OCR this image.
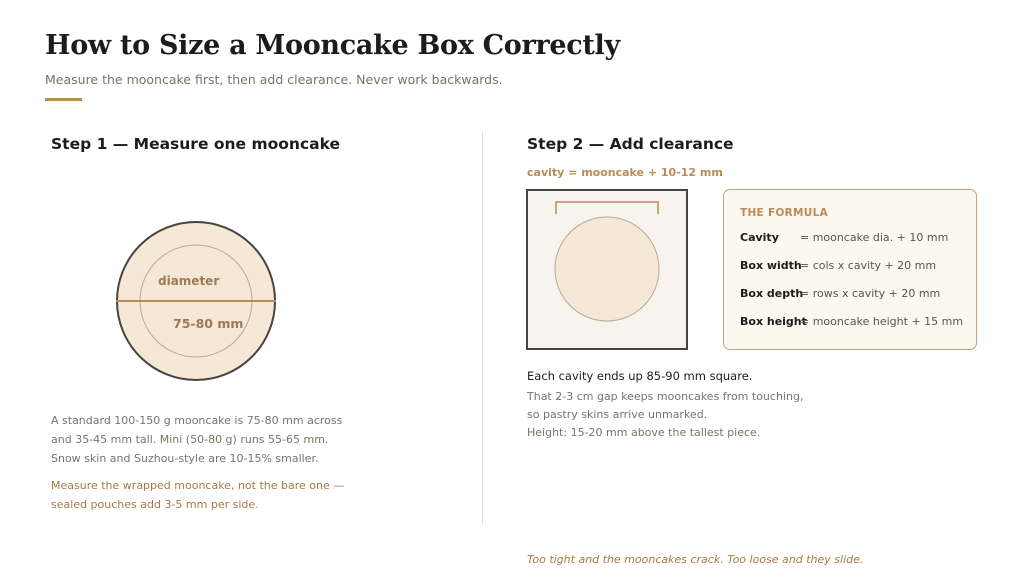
How to Size a Mooncake Box Correctly
Measure the mooncake first, then add clearance. Never work backwards.
Step 1 — Measure one mooncake
diameter
75-80 mm
A standard 100-150 g mooncake is 75-80 mm across
and 35-45 mm tall. Mini (50-80 g) runs 55-65 mm.
Snow skin and Suzhou-style are 10-15% smaller.
Measure the wrapped mooncake, not the bare one —
sealed pouches add 3-5 mm per side.
Step 2 — Add clearance
cavity = mooncake + 10-12 mm
THE FORMULA
Cavity = mooncake dia. + 10 mm
Box width= cols x cavity + 20 mm
Box depth= rows x cavity + 20 mm
Box height= mooncake height + 15 mm
Each cavity ends up 85-90 mm square.
That 2-3 cm gap keeps mooncakes from touching,
so pastry skins arrive unmarked.
Height: 15-20 mm above the tallest piece.
Too tight and the mooncakes crack. Too loose and they slide.
